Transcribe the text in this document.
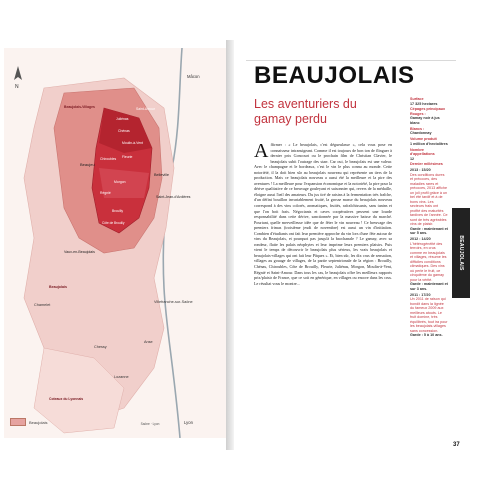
N
Mâcon
Beaujeu
Villefranche-sur-Saône
Lyon
Vaux-en-Beaujolais
Saint-Jean-d'Ardières
Belleville
Chessy
Chamelet
Lozanne
Anse
Saint-Amour
Juliénas
Chénas
Moulin-à-Vent
Fleurie
Chiroubles
Morgon
Régnié
Brouilly
Côte de Brouilly
Beaujolais-Villages
Beaujolais
Coteaux du Lyonnais
Beaujolais	Saône · Lyon
BEAUJOLAIS
Les aventuriers du gamay perdu
Affirmer : « Le beaujolais, c'est dégueulasse », cela vous pose en connaisseur intransigeant. Comme il est toujours de bon ton de flinguer à dernier prix Goncourt ou le prochain film de Christian Clavier, le beaujolais subit l'outrage des starr. Car oui, le beaujolais est une valeur. Avec le champagne et le bordeaux, c'est le vin le plus connu au monde. Cette notoriété, il la doit bien sûr au beaujolais nouveau qui représente un tiers de la production. Mais ce beaujolais nouveau a aussi été la meilleure et la pire des aventures ! La meilleure pour l'expansion économique et la notoriété, la pire pour la dérive qualitative de ce breuvage gouleyant et saisonnier qui, revers de la médaille, éloigne aussi l'œil des amateurs. Du jus tiré de raisins à la fermentation très fraîche, d'un défini bouillon invariablement fruité, la grosse masse du beaujolais nouveau correspond à des vins colorés, aromatiques, fruités, rafraîchissants, sans tanins et que l'on boit frais. Négociants et caves coopératives peuvent une lourde responsabilité dans cette dérive, sanctionnée par la massive baisse du marché. Pourtant, quelle merveilleuse idée que de fêter le vin nouveau ! Ce breuvage des premiers frimas (troisième jeudi de novembre) est aussi un vin d'initiation. Combien d'étudiants ont fait leur première approche du vin lors d'une fête autour de vins du Beaujolais, et pourquoi pas jusqu'à la bacchanale ? Le gamay, avec sa rondeur, flatte les palais néophytes et leur imprime leurs premiers plaisirs. Puis vient le temps de découvrir le beaujolais plus sérieux, les vrais beaujolais et beaujolais-villages qui ont fait leur Pâques ». Et, bien sûr, les dix crus de sensation, villages au gouage de villages, de la partie septentrionale de la région : Brouilly, Chénas, Chiroubles, Côte de Brouilly, Fleurie, Juliénas, Morgon, Moulin-à-Vent, Régnié et Saint-Amour. Dans tous les cas, le beaujolais offre les meilleurs rapports prix/plaisir de France, que ce soit en générique, en villages ou encore dans les crus. Le résultat vous le montre...
Surface
17 325 hectares
Cépages principaux
Rouges :
Gamay noir à jus blanc
Blancs :
Chardonnay
Volume produit
1 million d'hectolitres
Nombre d'appellations
12
Dernier millésimes
2013 : 15/20
Des conditions dures et précoces, des maladies rares et précoces, 2013 affiche un joli profil grâce à un bel été tardif et à de bons vins. Les secteurs frais ont profité des maturités tardives de l'année. Ce sont de très agréables vins de plaisir.
Garde : maintenant et sur 5 ans.
2012 : 14/20
L'hétérogénéité des terroirs, en crus comme en beaujolais et villages, résume les difficiles conditions climatiques. Des vins où perle le fruit, ce cinquième du gamay pour la vérité.
Garde : maintenant et sur 3 ans.
2011 : 17/20
Un 2011 de raison qui bondit dans la lignée du fameux 2009 aux meilleurs atouts. Le fruit domine, très équilibrés, tout ira pour les beaujolais-villages sans concession.
Garde : 5 à 10 ans.
BEAUJOLAIS
37
